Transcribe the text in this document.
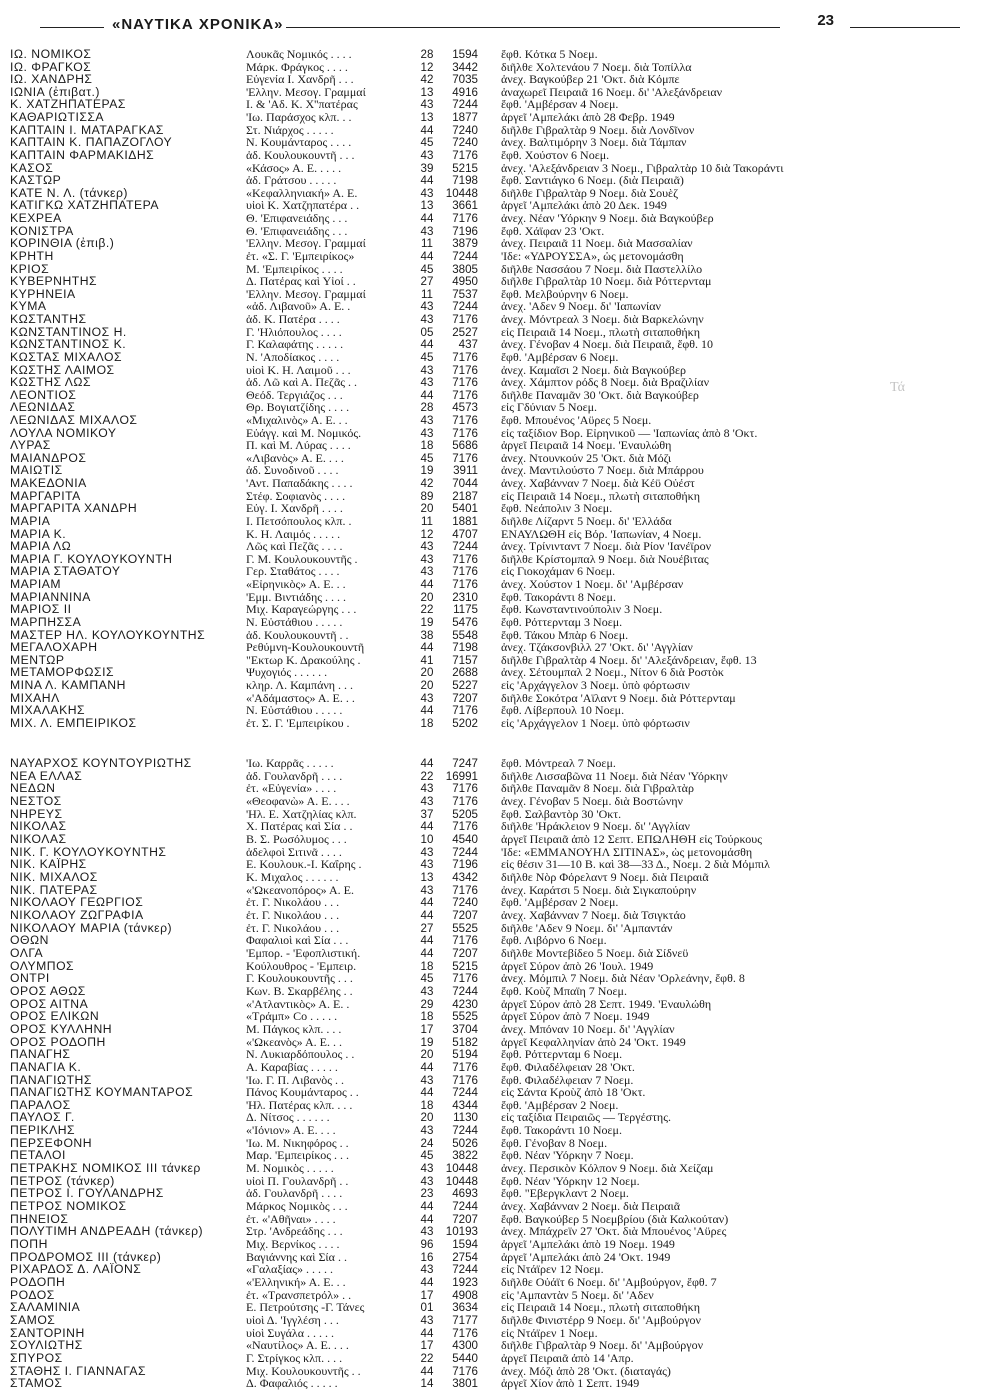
«ΝΑΥΤΙΚΑ ΧΡΟΝΙΚΑ»	23
Τά
ΙΩ. ΝΟΜΙΚΟΣ	Λουκᾶς Νομικός . . . .	28	1594 ἔφθ. Κότκα 5 Νοεμ.
ΙΩ. ΦΡΑΓΚΟΣ	Μάρκ. Φράγκος . . . .	12	3442 διῆλθε Χολτενάου 7 Νοεμ. διὰ Τοπίλλα
ΙΩ. ΧΑΝΔΡΗΣ	Εὐγενία Ι. Χανδρῆ . . .	42	7035 ἀνεχ. Βαγκούβερ 21 'Οκτ. διὰ Κόμπε
ΙΩΝΙΑ (ἐπιβατ.)	'Ελλην. Μεσογ. Γραμμαί	13	4916 ἀναχωρεῖ Πειραιᾶ 16 Νοεμ. δι' 'Αλεξάνδρειαν
Κ. ΧΑΤΖΗΠΑΤΕΡΑΣ	Ι. & 'Αδ. Κ. Χ''πατέρας	43	7244 ἔφθ. 'Αμβέρσαν 4 Νοεμ.
ΚΑΘΑΡΙΩΤΙΣΣΑ	'Ιω. Παράσχος κλπ. . .	13	1877 ἀργεῖ 'Αμπελάκι ἀπὸ 28 Φεβρ. 1949
ΚΑΠΤΑΙΝ Ι. ΜΑΤΑΡΑΓΚΑΣ	Στ. Νιάρχος . . . . .	44	7240 διῆλθε Γιβραλτὰρ 9 Νοεμ. διὰ Λονδῖνον
ΚΑΠΤΑΙΝ Κ. ΠΑΠΑΖΟΓΛΟΥ	Ν. Κουμάνταρος . . . .	45	7240 ἀνεχ. Βαλτιμόρην 3 Νοεμ. διὰ Τάμπαν
ΚΑΠΤΑΙΝ ΦΑΡΜΑΚΙΔΗΣ	ἀδ. Κουλουκουντῆ . . .	43	7176 ἔφθ. Χούστον 6 Νοεμ.
ΚΑΣΟΣ	«Κάσος» Α. Ε. . . . .	39	5215 ἀνεχ. 'Αλεξάνδρειαν 3 Νοεμ., Γιβραλτὰρ 10 διὰ Τακοράντι
ΚΑΣΤΩΡ	ἀδ. Γράτσου . . . . .	44	7198 ἔφθ. Σαντιάγκο 6 Νοεμ. (διὰ Πειραιᾶ)
ΚΑΤΕ Ν. Λ. (τάνκερ)	«Κεφαλληνιακή» Α. Ε.	43	10448 διῆλθε Γιβραλτὰρ 9 Νοεμ. διὰ Σουὲζ
ΚΑΤΙΓΚΩ ΧΑΤΖΗΠΑΤΕΡΑ	υἱοὶ Κ. Χατζηπατέρα . .	13	3661 ἀργεῖ 'Αμπελάκι ἀπὸ 20 Δεκ. 1949
ΚΕΧΡΕΑ	Θ. 'Επιφανειάδης . . .	44	7176 ἀνεχ. Νέαν 'Υόρκην 9 Νοεμ. διὰ Βαγκούβερ
ΚΟΝΙΣΤΡΑ	Θ. 'Επιφανειάδης . . .	43	7196 ἔφθ. Χάϊφαν 23 'Οκτ.
ΚΟΡΙΝΘΙΑ (ἐπιβ.)	'Ελλην. Μεσογ. Γραμμαί	11	3879 ἀνεχ. Πειραιᾶ 11 Νοεμ. διὰ Μασσαλίαν
ΚΡΗΤΗ	ἐτ. «Σ. Γ. 'Εμπειρίκος»	44	7244 'Ιδε: «ΥΔΡΟΥΣΣΑ», ὡς μετονομάσθη
ΚΡΙΟΣ	Μ. 'Εμπειρίκος . . . .	45	3805 διῆλθε Νασσάου 7 Νοεμ. διὰ Παστελλίλο
ΚΥΒΕΡΝΗΤΗΣ	Δ. Πατέρας καὶ Υἱοί . .	27	4950 διῆλθε Γιβραλτὰρ 10 Νοεμ. διὰ Ρόττερνταμ
ΚΥΡΗΝΕΙΑ	'Ελλην. Μεσογ. Γραμμαί	11	7537 ἔφθ. Μελβούρνην 6 Νοεμ.
ΚΥΜΑ	«ἀδ. Λιβανοῦ» Α. Ε. .	43	7244 ἀνεχ. 'Αδεν 9 Νοεμ. δι' 'Ιαπωνίαν
ΚΩΣΤΑΝΤΗΣ	ἀδ. Κ. Πατέρα . . . .	43	7176 ἀνεχ. Μόντρεαλ 3 Νοεμ. διὰ Βαρκελώνην
ΚΩΝΣΤΑΝΤΙΝΟΣ Η.	Γ. 'Ηλιόπουλος . . . .	05	2527 εἰς Πειραιᾶ 14 Νοεμ., πλωτὴ σιταποθήκη
ΚΩΝΣΤΑΝΤΙΝΟΣ Κ.	Γ. Καλαφάτης . . . . .	44	437 ἀνεχ. Γένοβαν 4 Νοεμ. διὰ Πειραιᾶ, ἔφθ. 10
ΚΩΣΤΑΣ ΜΙΧΑΛΟΣ	Ν. 'Αποδίακος . . . .	45	7176 ἔφθ. 'Αμβέρσαν 6 Νοεμ.
ΚΩΣΤΗΣ ΛΑΙΜΟΣ	υἱοὶ Κ. Η. Λαιμοῦ . . .	43	7176 ἀνεχ. Καμαῖσι 2 Νοεμ. διὰ Βαγκούβερ
ΚΩΣΤΗΣ ΛΩΣ	ἀδ. Λῶ καὶ Α. Πεζᾶς . .	43	7176 ἀνεχ. Χάμπτον ρόδς 8 Νοεμ. διὰ Βραζιλίαν
ΛΕΟΝΤΙΟΣ	Θεόδ. Τεργιάζος . . .	44	7176 διῆλθε Παναμᾶν 30 'Οκτ. διὰ Βαγκούβερ
ΛΕΩΝΙΔΑΣ	Θρ. Βογιατζίδης . . . .	28	4573 εἰς Γδύνιαν 5 Νοεμ.
ΛΕΩΝΙΔΑΣ ΜΙΧΑΛΟΣ	«Μιχαλινὸς» Α. Ε. . .	43	7176 ἔφθ. Μπουένος 'Αϋρες 5 Νοεμ.
ΛΟΥΛΑ ΝΟΜΙΚΟΥ	Εὐάγγ. καὶ Μ. Νομικός.	43	7176 εἰς ταξίδιον Βορ. Εἰρηνικοῦ — 'Ιαπωνίας ἀπὸ 8 'Οκτ.
ΛΥΡΑΣ	Π. καὶ Μ. Λύρας . . . .	18	5686 ἀργεῖ Πειραιᾶ 14 Νοεμ. 'Εναυλώθη
ΜΑΙΑΝΔΡΟΣ	«Λιβανὸς» Α. Ε. . . .	45	7176 ἀνεχ. Ντουνκούν 25 'Οκτ. διὰ Μόζι
ΜΑΙΩΤΙΣ	ἀδ. Συνοδινοῦ . . . .	19	3911 ἀνεχ. Μαντιλούστο 7 Νοεμ. διὰ Μπάρρου
ΜΑΚΕΔΟΝΙΑ	'Αντ. Παπαδάκης . . . .	42	7044 ἀνεχ. Χαβάνναν 7 Νοεμ. διὰ Κέϋ Οὐέστ
ΜΑΡΓΑΡΙΤΑ	Στέφ. Σοφιανὸς . . . .	89	2187 εἰς Πειραιᾶ 14 Νοεμ., πλωτὴ σιταποθήκη
ΜΑΡΓΑΡΙΤΑ ΧΑΝΔΡΗ	Εὐγ. Ι. Χανδρῆ . . . .	20	5401 ἔφθ. Νεάπολιν 3 Νοεμ.
ΜΑΡΙΑ	Ι. Πετσόπουλος κλπ. .	11	1881 διῆλθε Λίζαρντ 5 Νοεμ. δι' 'Ελλάδα
ΜΑΡΙΑ Κ.	Κ. Η. Λαιμός . . . . .	12	4707 ΕΝΑΥΛΩΘΗ εἰς Βόρ. 'Ιαπωνίαν, 4 Νοεμ.
ΜΑΡΙΑ ΛΩ	Λῶς καὶ Πεζᾶς . . . .	43	7244 ἀνεχ. Τρίνινταντ 7 Νοεμ. διὰ Ρίον 'Ιανέϊρον
ΜΑΡΙΑ Γ. ΚΟΥΛΟΥΚΟΥΝΤΗ	Γ. Μ. Κουλουκουντῆς .	43	7176 διῆλθε Κρίστομπαλ 9 Νοεμ. διὰ Νουέβιτας
ΜΑΡΙΑ ΣΤΑΘΑΤΟΥ	Γερ. Σταθάτος . . . .	43	7176 εἰς Γιοκοχάμαν 6 Νοεμ.
ΜΑΡΙΑΜ	«Εἰρηνικὸς» Α. Ε. . .	44	7176 ἀνεχ. Χούστον 1 Νοεμ. δι' 'Αμβέρσαν
ΜΑΡΙΑΝΝΙΝΑ	'Εμμ. Βιντιάδης . . . .	20	2310 ἔφθ. Τακοράντι 8 Νοεμ.
ΜΑΡΙΟΣ ΙΙ	Μιχ. Καραγεώργης . . .	22	1175 ἔφθ. Κωνσταντινούπολιν 3 Νοεμ.
ΜΑΡΠΗΣΣΑ	Ν. Εὐστάθιου . . . . .	19	5476 ἔφθ. Ρόττερνταμ 3 Νοεμ.
ΜΑΣΤΕΡ ΗΛ. ΚΟΥΛΟΥΚΟΥΝΤΗΣ	ἀδ. Κουλουκουντῆ . .	38	5548 ἔφθ. Τάκου Μπὰρ 6 Νοεμ.
ΜΕΓΑΛΟΧΑΡΗ	Ρεθύμνη-Κουλουκουντῆ	44	7198 ἀνεχ. Τζάκσονβιλλ 27 'Οκτ. δι' 'Αγγλίαν
ΜΕΝΤΩΡ	"Εκτωρ Κ. Δρακούλης .	41	7157 διῆλθε Γιβραλτὰρ 4 Νοεμ. δι' 'Αλεξάνδρειαν, ἔφθ. 13
ΜΕΤΑΜΟΡΦΩΣΙΣ	Ψυχογιός . . . . . .	20	2688 ἀνεχ. Σέτουμπαλ 2 Νοεμ., Νίτον 6 διὰ Ροστὸκ
ΜΙΝΑ Λ. ΚΑΜΠΑΝΗ	κληρ. Λ. Καμπάνη . . .	20	5227 εἰς 'Αρχάγγελον 3 Νοεμ. ὑπὸ φόρτωσιν
ΜΙΧΑΗΛ	«'Αδάμαστος» Α. Ε. . .	43	7207 διῆλθε Σοκότρα 'Αϊλαντ 9 Νοεμ. διὰ Ρόττερνταμ
ΜΙΧΑΛΑΚΗΣ	Ν. Εὐστάθιου . . . . .	44	7176 ἔφθ. Λίβερπουλ 10 Νοεμ.
ΜΙΧ. Λ. ΕΜΠΕΙΡΙΚΟΣ	ἐτ. Σ. Γ. 'Εμπειρίκου .	18	5202 εἰς 'Αρχάγγελον 1 Νοεμ. ὑπὸ φόρτωσιν
ΝΑΥΑΡΧΟΣ ΚΟΥΝΤΟΥΡΙΩΤΗΣ	'Ιω. Καρρᾶς . . . . .	44	7247 ἔφθ. Μόντρεαλ 7 Νοεμ.
ΝΕΑ ΕΛΛΑΣ	ἀδ. Γουλανδρῆ . . . .	22	16991 διῆλθε Λισσαβῶνα 11 Νοεμ. διὰ Νέαν 'Υόρκην
ΝΕΔΩΝ	ἐτ. «Εὐγενία» . . . .	43	7176 διῆλθε Παναμᾶν 8 Νοεμ. διὰ Γιβραλτὰρ
ΝΕΣΤΟΣ	«Θεοφανὼ» Α. Ε. . . .	43	7176 ἀνεχ. Γένοβαν 5 Νοεμ. διὰ Βοστώνην
ΝΗΡΕΥΣ	'Ηλ. Ε. Χατζηλίας κλπ.	37	5205 ἔφθ. Σαλβαντὸρ 30 'Οκτ.
ΝΙΚΟΛΑΣ	Χ. Πατέρας καὶ Σία . .	44	7176 διῆλθε 'Ηράκλειον 9 Νοεμ. δι' 'Αγγλίαν
ΝΙΚΟΛΑΣ	Β. Σ. Ρωσόλυμος . . .	10	4540 ἀργεῖ Πειραιᾶ ἀπὸ 12 Σεπτ. ΕΠΩΛΗΘΗ εἰς Τούρκους
ΝΙΚ. Γ. ΚΟΥΛΟΥΚΟΥΝΤΗΣ	ἀδελφοὶ Σιτινᾶ . . . .	43	7244 'Ιδε: «ΕΜΜΑΝΟΥΗΛ ΣΙΤΙΝΑΣ», ὡς μετονομάσθη
ΝΙΚ. ΚΑΪΡΗΣ	Ε. Κουλουκ.-Ι. Καΐρης .	43	7196 εἰς θέσιν 31—10 Β. καὶ 38—33 Δ., Νοεμ. 2 διὰ Μόμπιλ
ΝΙΚ. ΜΙΧΑΛΟΣ	Κ. Μιχαλος . . . . . .	13	4342 διῆλθε Νὸρ Φόρελαντ 9 Νοεμ. διὰ Πειραιᾶ
ΝΙΚ. ΠΑΤΕΡΑΣ	«'Ωκεανοπόρος» Α. Ε.	43	7176 ἀνεχ. Καράτσι 5 Νοεμ. διὰ Σιγκαπούρην
ΝΙΚΟΛΑΟΥ ΓΕΩΡΓΙΟΣ	ἐτ. Γ. Νικολάου . . .	44	7240 ἔφθ. 'Αμβέρσαν 2 Νοεμ.
ΝΙΚΟΛΑΟΥ ΖΩΓΡΑΦΙΑ	ἐτ. Γ. Νικολάου . . .	44	7207 ἀνεχ. Χαβάνναν 7 Νοεμ. διὰ Τσιγκτάο
ΝΙΚΟΛΑΟΥ ΜΑΡΙΑ (τάνκερ)	ἐτ. Γ. Νικολάου . . .	27	5525 διῆλθε 'Αδεν 9 Νοεμ. δι' 'Αμπαντάν
ΟΘΩΝ	Φαφαλιοὶ καὶ Σία . . .	44	7176 ἔφθ. Λιβόρνο 6 Νοεμ.
ΟΛΓΑ	'Εμπορ. - 'Εφοπλιστική.	44	7207 διῆλθε Μοντεβίδεο 5 Νοεμ. διὰ Σίδνεϋ
ΟΛΥΜΠΟΣ	Κούλουθρος - 'Εμπειρ.	18	5215 ἀργεῖ Σύρον ἀπὸ 26 'Ιουλ. 1949
ΟΝΤΡΙ	Γ. Κουλουκουντῆς . . .	45	7176 ἀνεχ. Μόμπιλ 7 Νοεμ. διὰ Νέαν 'Ορλεάνην, ἔφθ. 8
ΟΡΟΣ ΑΘΩΣ	Κων. Β. Σκαρβέλης . .	43	7244 ἔφθ. Κοὺζ Μπαϊη 7 Νοεμ.
ΟΡΟΣ ΑΙΤΝΑ	«'Ατλαντικὸς» Α. Ε. .	29	4230 ἀργεῖ Σύρον ἀπὸ 28 Σεπτ. 1949. 'Εναυλώθη
ΟΡΟΣ ΕΛΙΚΩΝ	«Τράμπ» Co . . . . .	18	5525 ἀργεῖ Σύρον ἀπὸ 7 Νοεμ. 1949
ΟΡΟΣ ΚΥΛΛΗΝΗ	Μ. Πάγκος κλπ. . . .	17	3704 ἀνεχ. Μπόναν 10 Νοεμ. δι' 'Αγγλίαν
ΟΡΟΣ ΡΟΔΟΠΗ	«'Ωκεανὸς» Α. Ε. . .	19	5182 ἀργεῖ Κεφαλληνίαν ἀπὸ 24 'Οκτ. 1949
ΠΑΝΑΓΗΣ	Ν. Λυκιαρδόπουλος . .	20	5194 ἔφθ. Ρόττερνταμ 6 Νοεμ.
ΠΑΝΑΓΙΑ Κ.	Α. Καραβίας . . . . .	44	7176 ἔφθ. Φιλαδέλφειαν 28 'Οκτ.
ΠΑΝΑΓΙΩΤΗΣ	'Ιω. Γ. Π. Λιβανὸς . .	43	7176 ἔφθ. Φιλαδέλφειαν 7 Νοεμ.
ΠΑΝΑΓΙΩΤΗΣ ΚΟΥΜΑΝΤΑΡΟΣ	Πάνος Κουμάνταρος . .	44	7244 εἰς Σάντα Κροὺζ ἀπὸ 18 'Οκτ.
ΠΑΡΑΛΟΣ	'Ηλ. Πατέρας κλπ. . . .	18	4344 ἔφθ. 'Αμβέρσαν 2 Νοεμ.
ΠΑΥΛΟΣ Γ.	Δ. Νίτσος . . . . . .	20	1130 εἰς ταξίδια Πειραιῶς — Τεργέστης.
ΠΕΡΙΚΛΗΣ	«'Ιόνιον» Α. Ε. . . .	43	7244 ἔφθ. Τακοράντι 10 Νοεμ.
ΠΕΡΣΕΦΟΝΗ	'Ιω. Μ. Νικηφόρος . .	24	5026 ἔφθ. Γένοβαν 8 Νοεμ.
ΠΕΤΑΛΟΙ	Μαρ. 'Εμπειρίκος . . .	45	3822 ἔφθ. Νέαν 'Υόρκην 7 Νοεμ.
ΠΕΤΡΑΚΗΣ ΝΟΜΙΚΟΣ ΙΙΙ τάνκερ	Μ. Νομικὸς . . . . .	43	10448 ἀνεχ. Περσικὸν Κόλπον 9 Νοεμ. διὰ Χείζαμ
ΠΕΤΡΟΣ (τάνκερ)	υἱοὶ Π. Γουλανδρῆ . .	43	10448 ἔφθ. Νέαν 'Υόρκην 12 Νοεμ.
ΠΕΤΡΟΣ Ι. ΓΟΥΛΑΝΔΡΗΣ	ἀδ. Γουλανδρῆ . . . .	23	4693 ἔφθ. "Εβεργκλαντ 2 Νοεμ.
ΠΕΤΡΟΣ ΝΟΜΙΚΟΣ	Μάρκος Νομικὸς . . .	44	7244 ἀνεχ. Χαβάνναν 2 Νοεμ. διὰ Πειραιᾶ
ΠΗΝΕΙΟΣ	ἐτ. «'Αθῆναι» . . . .	44	7207 ἔφθ. Βαγκούβερ 5 Νοεμβρίου (διὰ Καλκούταν)
ΠΟΛΥΤΙΜΗ ΑΝΔΡΕΑΔΗ (τάνκερ)	Στρ. 'Ανδρεάδης . . .	43	10193 ἀνεχ. Μπάχρεϊν 27 'Οκτ. διὰ Μπουένος 'Αϋρες
ΠΟΠΗ	Μιχ. Βερνίκος . . . .	96	1594 ἀργεῖ 'Αμπελάκι ἀπὸ 19 Νοεμ. 1949
ΠΡΟΔΡΟΜΟΣ ΙΙΙ (τάνκερ)	Βαγιάννης καὶ Σία . .	16	2754 ἀργεῖ 'Αμπελάκι ἀπὸ 24 'Οκτ. 1949
ΡΙΧΑΡΔΟΣ Δ. ΛΑΪΟΝΣ	«Γαλαξίας» . . . . .	43	7244 εἰς Ντάϊρεν 12 Νοεμ.
ΡΟΔΟΠΗ	«'Ελληνική» Α. Ε. . .	44	1923 διῆλθε Οὐάϊτ 6 Νοεμ. δι' 'Αμβούργον, ἔφθ. 7
ΡΟΔΟΣ	ἐτ. «Τρανσπετρόλ» . .	17	4908 εἰς 'Αμπαντὰν 5 Νοεμ. δι' 'Αδεν
ΣΑΛΑΜΙΝΙΑ	Ε. Πετρούτσης -Γ. Τάνες	01	3634 εἰς Πειραιᾶ 14 Νοεμ., πλωτὴ σιταποθήκη
ΣΑΜΟΣ	υἱοὶ Δ. 'Ιγγλέση . . .	43	7177 διῆλθε Φινιστέρρ 9 Νοεμ. δι' 'Αμβούργον
ΣΑΝΤΟΡΙΝΗ	υἱοὶ Συγάλα . . . . .	44	7176 εἰς Ντάϊρεν 1 Νοεμ.
ΣΟΥΛΙΩΤΗΣ	«Ναυτίλος» Α. Ε. . . .	17	4300 διῆλθε Γιβραλτὰρ 9 Νοεμ. δι' 'Αμβούργον
ΣΠΥΡΟΣ	Γ. Στρίγκος κλπ. . . .	22	5440 ἀργεῖ Πειραιᾶ ἀπὸ 14 'Απρ.
ΣΤΑΘΗΣ Ι. ΓΙΑΝΝΑΓΑΣ	Μιχ. Κουλουκουντῆς . .	44	7176 ἀνεχ. Μόζι ἀπὸ 28 'Οκτ. (διαταγάς)
ΣΤΑΜΟΣ	Δ. Φαφαλιός . . . . .	14	3801 ἀργεῖ Χίον ἀπὸ 1 Σεπτ. 1949
